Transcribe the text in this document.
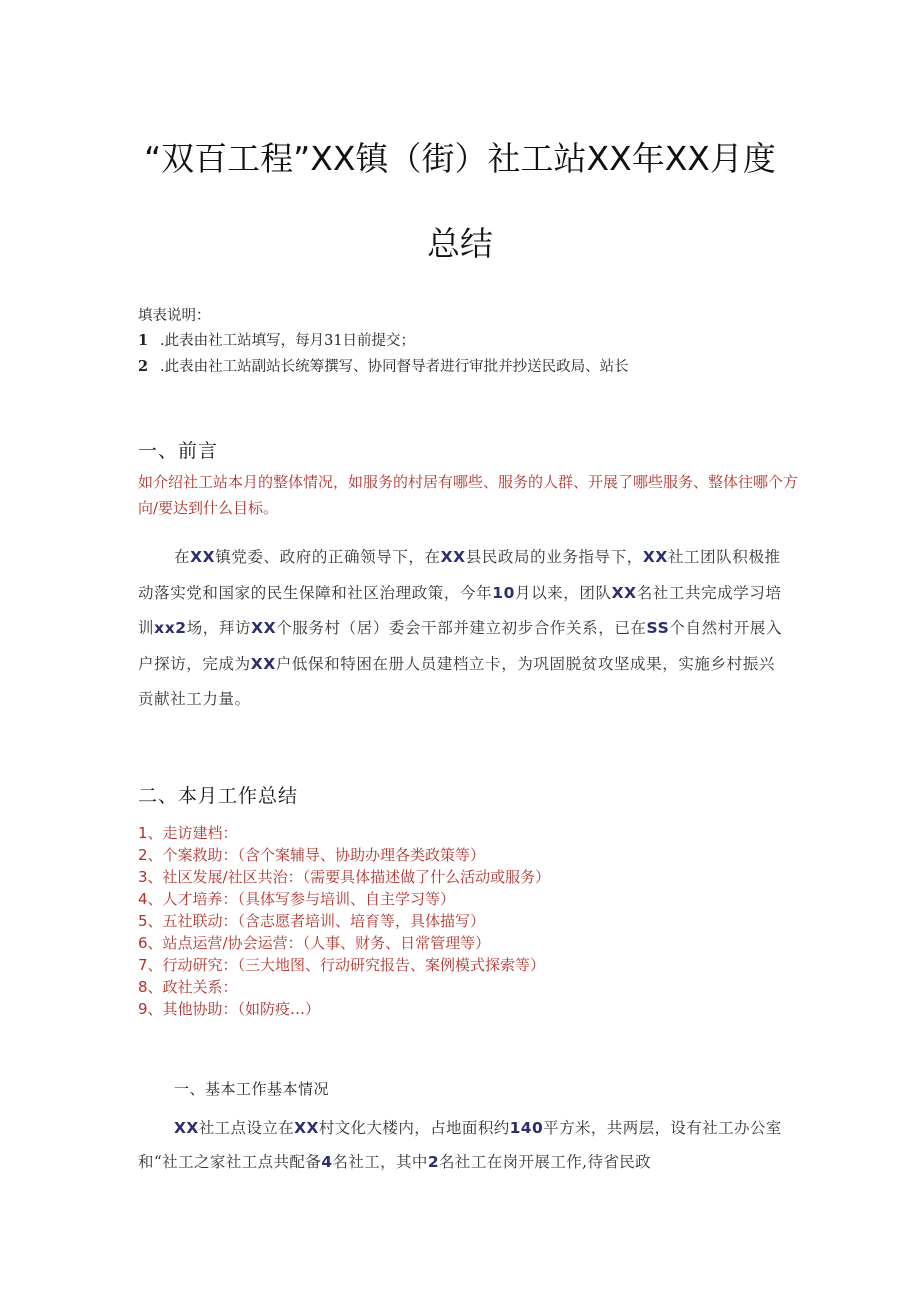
“双百工程”XX镇（街）社工站XX年XX月度
总结
填表说明：
1 .此表由社工站填写，每月31日前提交；
2 .此表由社工站副站长统筹撰写、协同督导者进行审批并抄送民政局、站长
一、前言
如介绍社工站本月的整体情况，如服务的村居有哪些、服务的人群、开展了哪些服务、整体往哪个方向/要达到什么目标。
在XX镇党委、政府的正确领导下，在XX县民政局的业务指导下，XX社工团队积极推动落实党和国家的民生保障和社区治理政策，今年10月以来，团队XX名社工共完成学习培训xx2场，拜访XX个服务村（居）委会干部并建立初步合作关系，已在SS个自然村开展入户探访，完成为XX户低保和特困在册人员建档立卡，为巩固脱贫攻坚成果，实施乡村振兴贡献社工力量。
二、本月工作总结
1、走访建档：
2、个案救助：（含个案辅导、协助办理各类政策等）
3、社区发展/社区共治：（需要具体描述做了什么活动或服务）
4、人才培养：（具体写参与培训、自主学习等）
5、五社联动：（含志愿者培训、培育等，具体描写）
6、站点运营/协会运营：（人事、财务、日常管理等）
7、行动研究：（三大地图、行动研究报告、案例模式探索等）
8、政社关系：
9、其他协助：（如防疫…）
一、基本工作基本情况
XX社工点设立在XX村文化大楼内，占地面积约140平方米，共两层，设有社工办公室和“社工之家社工点共配备4名社工，其中2名社工在岗开展工作,待省民政
